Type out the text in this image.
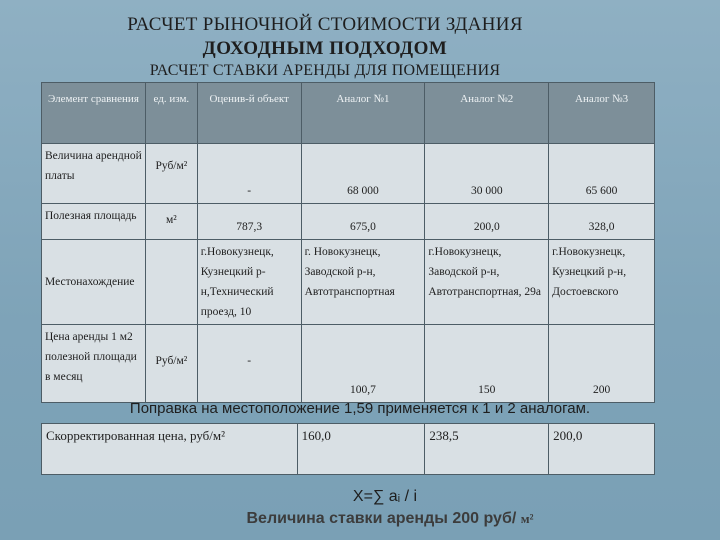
РАСЧЕТ РЫНОЧНОЙ СТОИМОСТИ ЗДАНИЯ
ДОХОДНЫМ ПОДХОДОМ
РАСЧЕТ СТАВКИ АРЕНДЫ ДЛЯ ПОМЕЩЕНИЯ
Элемент сравнения	ед. изм.	Оценив-й объект	Аналог №1	Аналог №2	Аналог №3
Величина арендной платы	Руб/м²	-	68 000	30 000	65 600
Полезная площадь	м²	787,3	675,0	200,0	328,0
Местонахождение		г.Новокузнецк, Кузнецкий р-н,Технический проезд, 10	г. Новокузнецк, Заводской р-н, Автотранспортная	г.Новокузнецк, Заводской р-н, Автотранспортная, 29а	г.Новокузнецк, Кузнецкий р-н, Достоевского
Цена аренды 1 м2 полезной площади в месяц	Руб/м²	-	100,7	150	200
Поправка на местоположение 1,59 применяется к 1 и 2 аналогам.
Скорректированная цена, руб/м²	160,0	238,5	200,0
X=∑ aᵢ / i
Величина ставки аренды 200 руб/ м²
